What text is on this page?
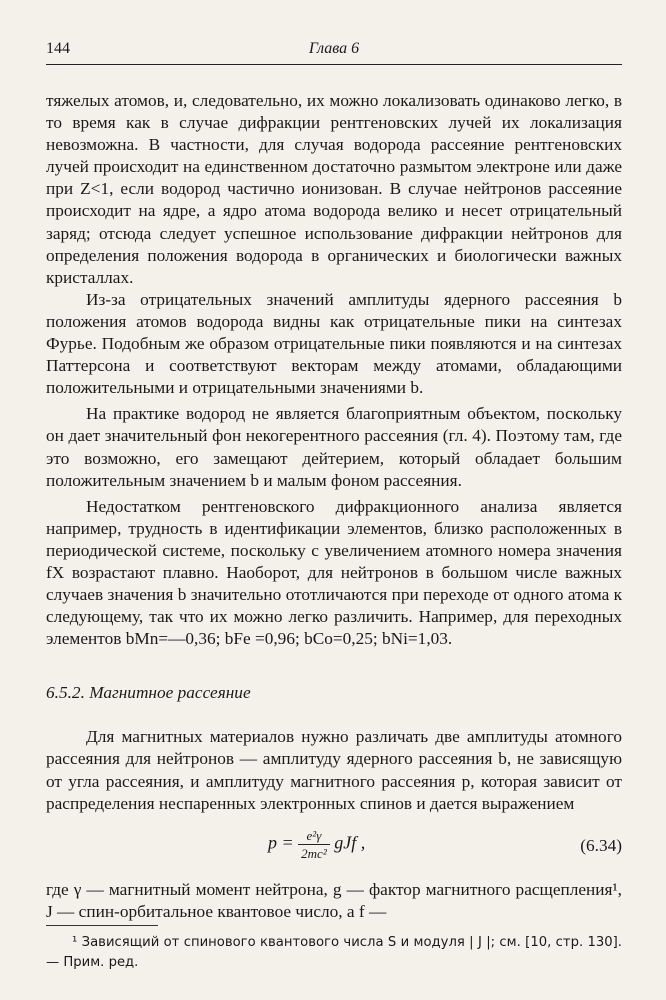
144	Глава 6

тяжелых атомов, и, следовательно, их можно локализовать одинаково легко, в то время как в случае дифракции рентгеновских лучей их локализация невозможна. В частности, для случая водорода рассеяние рентгеновских лучей происходит на единственном достаточно размытом электроне или даже при Z<1, если водород частично ионизован. В случае нейтронов рассеяние происходит на ядре, а ядро атома водорода велико и несет отрицательный заряд; отсюда следует успешное использование дифракции нейтронов для определения положения водорода в органических и биологически важных кристаллах.

Из-за отрицательных значений амплитуды ядерного рассеяния b положения атомов водорода видны как отрицательные пики на синтезах Фурье. Подобным же образом отрицательные пики появляются и на синтезах Паттерсона и соответствуют векторам между атомами, обладающими положительными и отрицательными значениями b.

На практике водород не является благоприятным объектом, поскольку он дает значительный фон некогерентного рассеяния (гл. 4). Поэтому там, где это возможно, его замещают дейтерием, который обладает большим положительным значением b и малым фоном рассеяния.

Недостатком рентгеновского дифракционного анализа является например, трудность в идентификации элементов, близко расположенных в периодической системе, поскольку с увеличением атомного номера значения fX возрастают плавно. Наоборот, для нейтронов в большом числе важных случаев значения b значительно ототличаются при переходе от одного атома к следующему, так что их можно легко различить. Например, для переходных элементов bMn=—0,36; bFe =0,96; bCo=0,25; bNi=1,03.

6.5.2. Магнитное рассеяние

Для магнитных материалов нужно различать две амплитуды атомного рассеяния для нейтронов — амплитуду ядерного рассеяния b, не зависящую от угла рассеяния, и амплитуду магнитного рассеяния p, которая зависит от распределения неспаренных электронных спинов и дается выражением

$p = \frac{\text{e²γ}}{\text{2mc²}}$ gJf ,	(6.34)

где γ — магнитный момент нейтрона, g — фактор магнитного расщепления¹, J — спин-орбитальное квантовое число, а f —

¹ Зависящий от спинового квантового числа S и модуля | J |; см. [10, стр. 130]. — Прим. ред.
